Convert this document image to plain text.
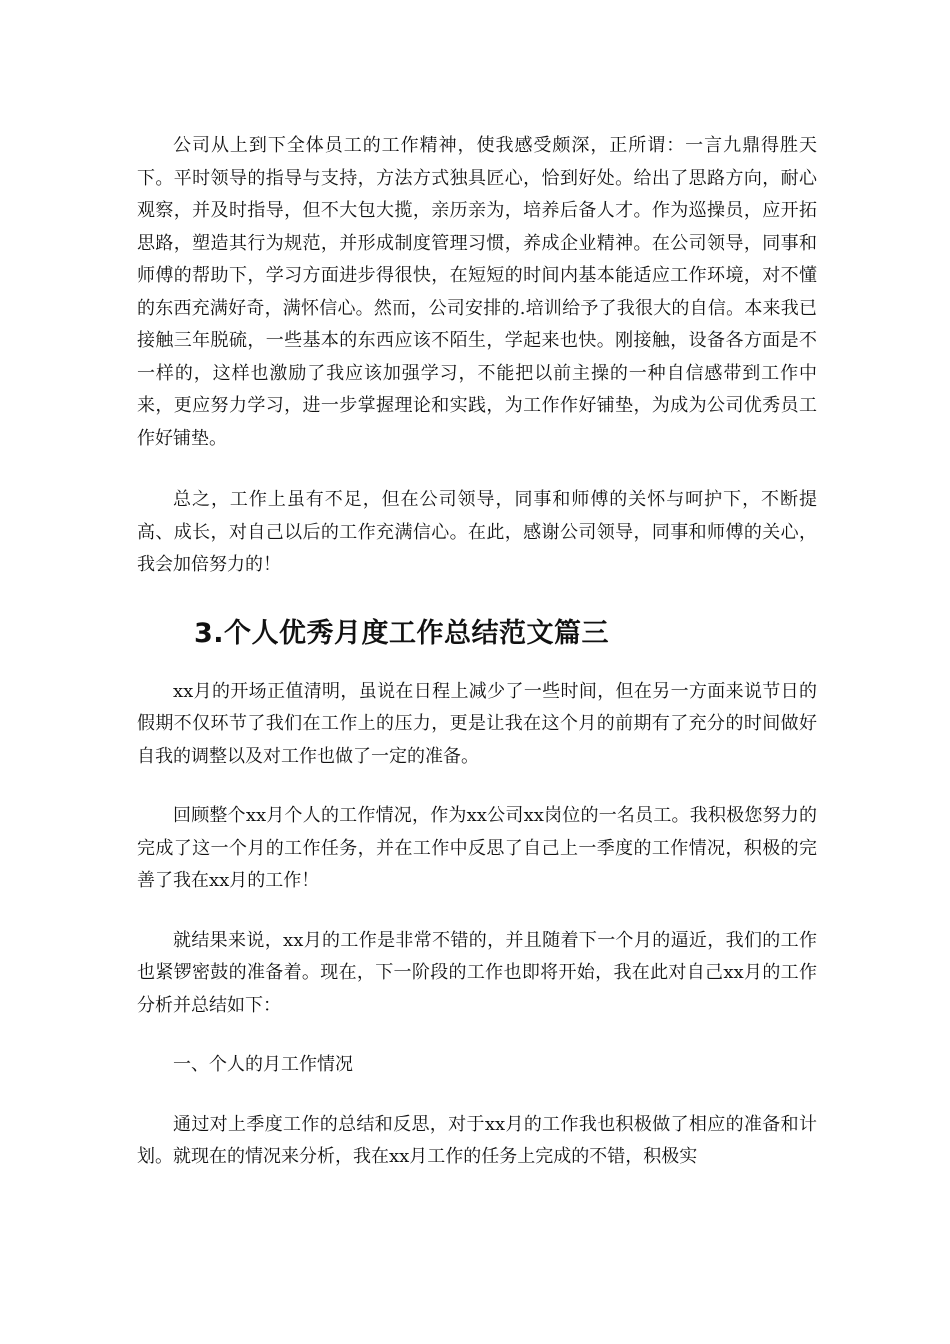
公司从上到下全体员工的工作精神，使我感受颇深，正所谓：一言九鼎得胜天下。平时领导的指导与支持，方法方式独具匠心，恰到好处。给出了思路方向，耐心观察，并及时指导，但不大包大揽，亲历亲为，培养后备人才。作为巡操员，应开拓思路，塑造其行为规范，并形成制度管理习惯，养成企业精神。在公司领导，同事和师傅的帮助下，学习方面进步得很快，在短短的时间内基本能适应工作环境，对不懂的东西充满好奇，满怀信心。然而，公司安排的.培训给予了我很大的自信。本来我已接触三年脱硫，一些基本的东西应该不陌生，学起来也快。刚接触，设备各方面是不一样的，这样也激励了我应该加强学习，不能把以前主操的一种自信感带到工作中来，更应努力学习，进一步掌握理论和实践，为工作作好铺垫，为成为公司优秀员工作好铺垫。

总之，工作上虽有不足，但在公司领导，同事和师傅的关怀与呵护下，不断提高、成长，对自己以后的工作充满信心。在此，感谢公司领导，同事和师傅的关心，我会加倍努力的！

3.个人优秀月度工作总结范文篇三

xx月的开场正值清明，虽说在日程上减少了一些时间，但在另一方面来说节日的假期不仅环节了我们在工作上的压力，更是让我在这个月的前期有了充分的时间做好自我的调整以及对工作也做了一定的准备。

回顾整个xx月个人的工作情况，作为xx公司xx岗位的一名员工。我积极您努力的完成了这一个月的工作任务，并在工作中反思了自己上一季度的工作情况，积极的完善了我在xx月的工作！

就结果来说，xx月的工作是非常不错的，并且随着下一个月的逼近，我们的工作也紧锣密鼓的准备着。现在，下一阶段的工作也即将开始，我在此对自己xx月的工作分析并总结如下：

一、个人的月工作情况

通过对上季度工作的总结和反思，对于xx月的工作我也积极做了相应的准备和计划。就现在的情况来分析，我在xx月工作的任务上完成的不错，积极实
